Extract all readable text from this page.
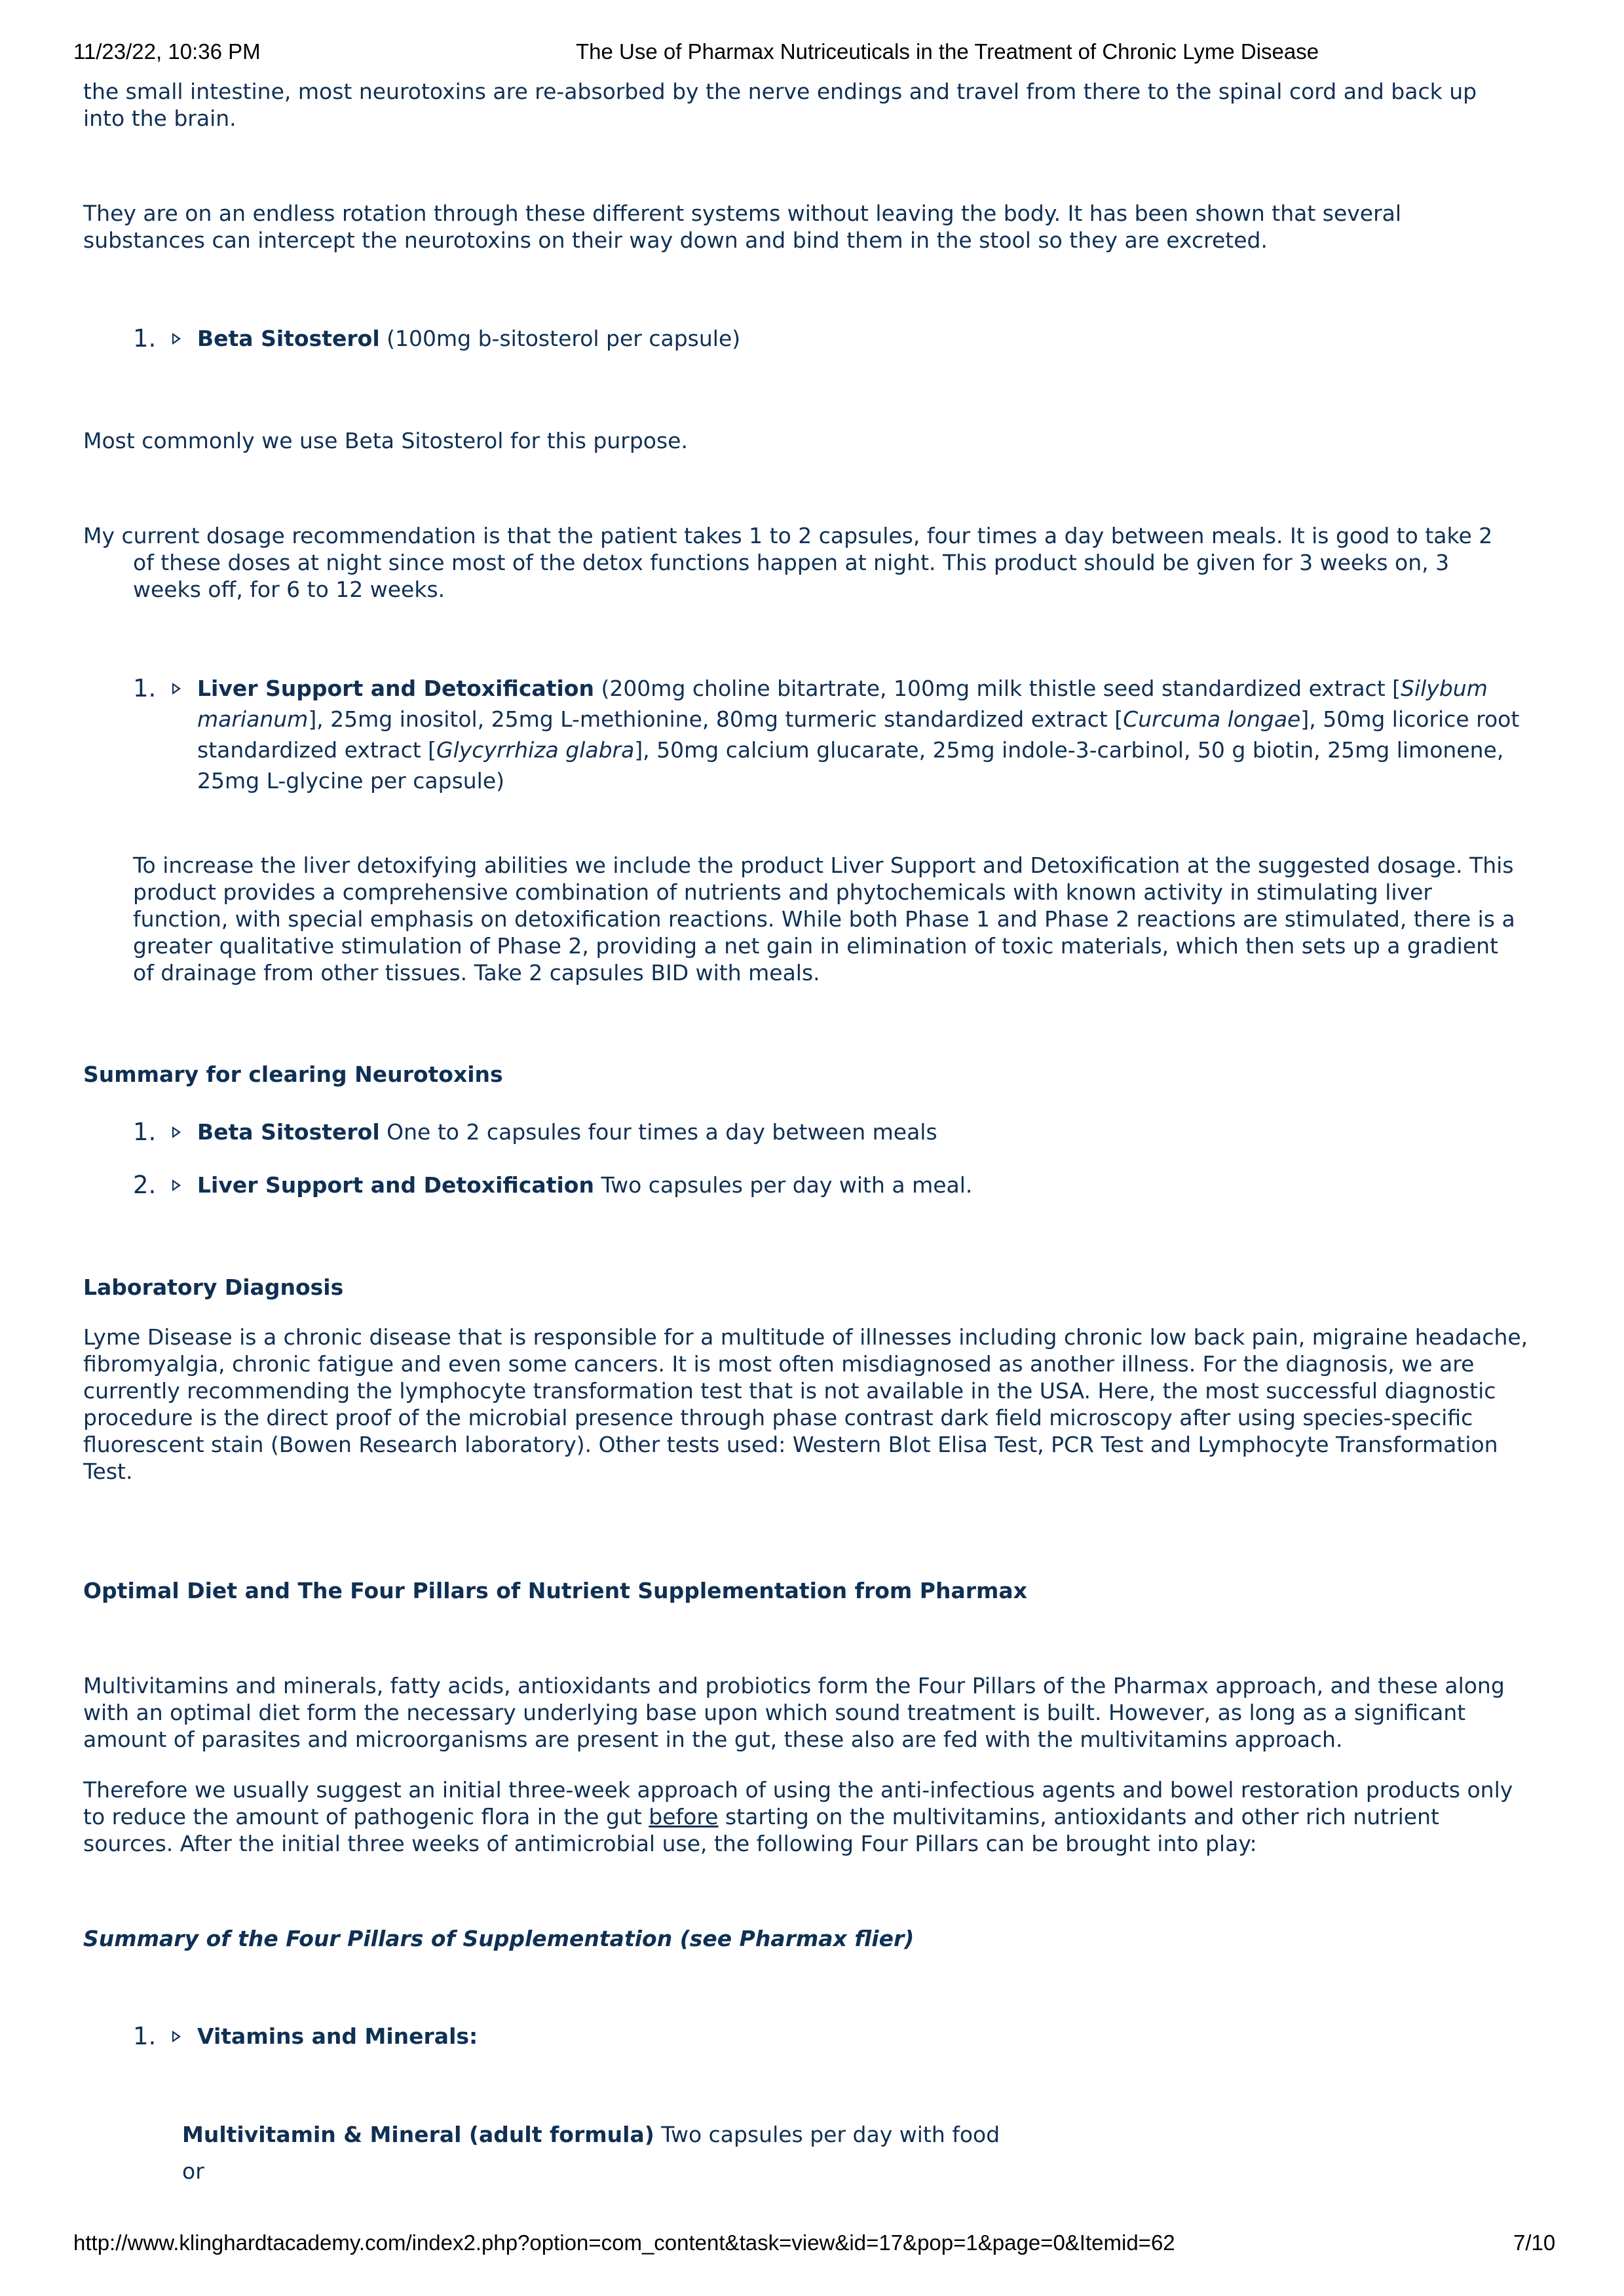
11/23/22, 10:36 PM	The Use of Pharmax Nutriceuticals in the Treatment of Chronic Lyme Disease

the small intestine, most neurotoxins are re-absorbed by the nerve endings and travel from there to the spinal cord and back up

into the brain.

They are on an endless rotation through these different systems without leaving the body. It has been shown that several

substances can intercept the neurotoxins on their way down and bind them in the stool so they are excreted.

1. Beta Sitosterol (100mg b-sitosterol per capsule)

Most commonly we use Beta Sitosterol for this purpose.

My current dosage recommendation is that the patient takes 1 to 2 capsules, four times a day between meals. It is good to take 2

of these doses at night since most of the detox functions happen at night. This product should be given for 3 weeks on, 3

weeks off, for 6 to 12 weeks.

1. Liver Support and Detoxification (200mg choline bitartrate, 100mg milk thistle seed standardized extract [Silybum

marianum], 25mg inositol, 25mg L-methionine, 80mg turmeric standardized extract [Curcuma longae], 50mg licorice root

standardized extract [Glycyrrhiza glabra], 50mg calcium glucarate, 25mg indole-3-carbinol, 50 g biotin, 25mg limonene,

25mg L-glycine per capsule)

To increase the liver detoxifying abilities we include the product Liver Support and Detoxification at the suggested dosage. This

product provides a comprehensive combination of nutrients and phytochemicals with known activity in stimulating liver

function, with special emphasis on detoxification reactions. While both Phase 1 and Phase 2 reactions are stimulated, there is a

greater qualitative stimulation of Phase 2, providing a net gain in elimination of toxic materials, which then sets up a gradient

of drainage from other tissues. Take 2 capsules BID with meals.

Summary for clearing Neurotoxins

1. Beta Sitosterol One to 2 capsules four times a day between meals

2. Liver Support and Detoxification Two capsules per day with a meal.

Laboratory Diagnosis

Lyme Disease is a chronic disease that is responsible for a multitude of illnesses including chronic low back pain, migraine headache,

fibromyalgia, chronic fatigue and even some cancers. It is most often misdiagnosed as another illness. For the diagnosis, we are

currently recommending the lymphocyte transformation test that is not available in the USA. Here, the most successful diagnostic

procedure is the direct proof of the microbial presence through phase contrast dark field microscopy after using species-specific

fluorescent stain (Bowen Research laboratory). Other tests used: Western Blot Elisa Test, PCR Test and Lymphocyte Transformation

Test.

Optimal Diet and The Four Pillars of Nutrient Supplementation from Pharmax

Multivitamins and minerals, fatty acids, antioxidants and probiotics form the Four Pillars of the Pharmax approach, and these along

with an optimal diet form the necessary underlying base upon which sound treatment is built. However, as long as a significant

amount of parasites and microorganisms are present in the gut, these also are fed with the multivitamins approach.

Therefore we usually suggest an initial three-week approach of using the anti-infectious agents and bowel restoration products only

to reduce the amount of pathogenic flora in the gut before starting on the multivitamins, antioxidants and other rich nutrient

sources. After the initial three weeks of antimicrobial use, the following Four Pillars can be brought into play:

Summary of the Four Pillars of Supplementation (see Pharmax flier)

1. Vitamins and Minerals:

Multivitamin & Mineral (adult formula) Two capsules per day with food

or

http://www.klinghardtacademy.com/index2.php?option=com_content&task=view&id=17&pop=1&page=0&Itemid=62	7/10
